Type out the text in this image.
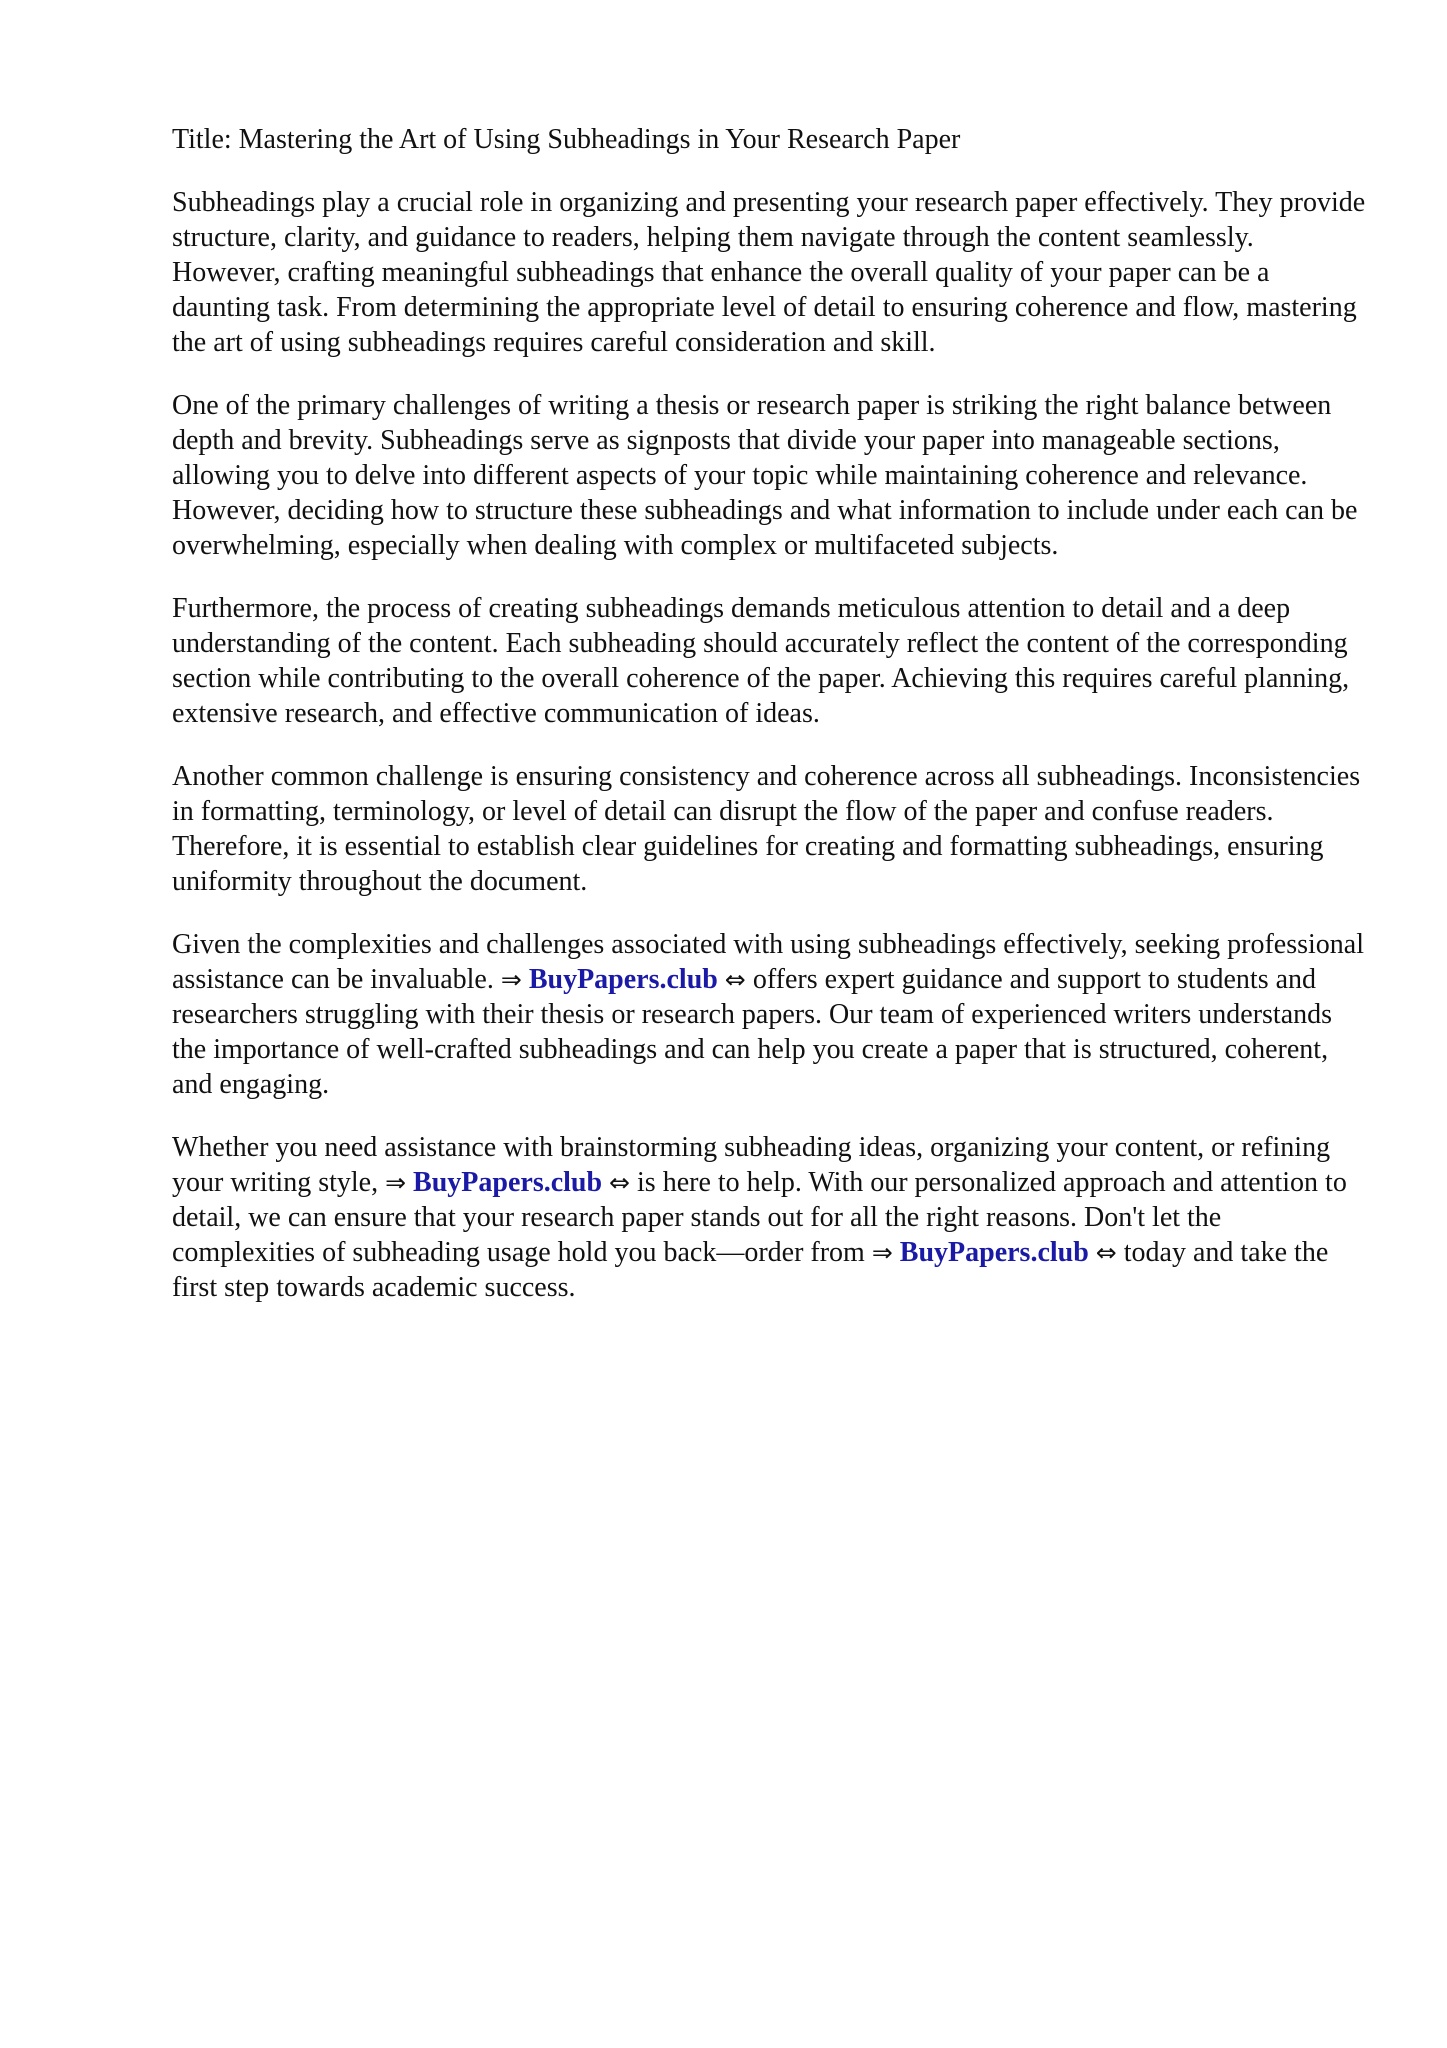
Title: Mastering the Art of Using Subheadings in Your Research Paper

Subheadings play a crucial role in organizing and presenting your research paper effectively. They provide structure, clarity, and guidance to readers, helping them navigate through the content seamlessly. However, crafting meaningful subheadings that enhance the overall quality of your paper can be a daunting task. From determining the appropriate level of detail to ensuring coherence and flow, mastering the art of using subheadings requires careful consideration and skill.

One of the primary challenges of writing a thesis or research paper is striking the right balance between depth and brevity. Subheadings serve as signposts that divide your paper into manageable sections, allowing you to delve into different aspects of your topic while maintaining coherence and relevance. However, deciding how to structure these subheadings and what information to include under each can be overwhelming, especially when dealing with complex or multifaceted subjects.

Furthermore, the process of creating subheadings demands meticulous attention to detail and a deep understanding of the content. Each subheading should accurately reflect the content of the corresponding section while contributing to the overall coherence of the paper. Achieving this requires careful planning, extensive research, and effective communication of ideas.

Another common challenge is ensuring consistency and coherence across all subheadings. Inconsistencies in formatting, terminology, or level of detail can disrupt the flow of the paper and confuse readers. Therefore, it is essential to establish clear guidelines for creating and formatting subheadings, ensuring uniformity throughout the document.

Given the complexities and challenges associated with using subheadings effectively, seeking professional assistance can be invaluable. ⇒ BuyPapers.club ⇔ offers expert guidance and support to students and researchers struggling with their thesis or research papers. Our team of experienced writers understands the importance of well-crafted subheadings and can help you create a paper that is structured, coherent, and engaging.

Whether you need assistance with brainstorming subheading ideas, organizing your content, or refining your writing style, ⇒ BuyPapers.club ⇔ is here to help. With our personalized approach and attention to detail, we can ensure that your research paper stands out for all the right reasons. Don't let the complexities of subheading usage hold you back—order from ⇒ BuyPapers.club ⇔ today and take the first step towards academic success.
